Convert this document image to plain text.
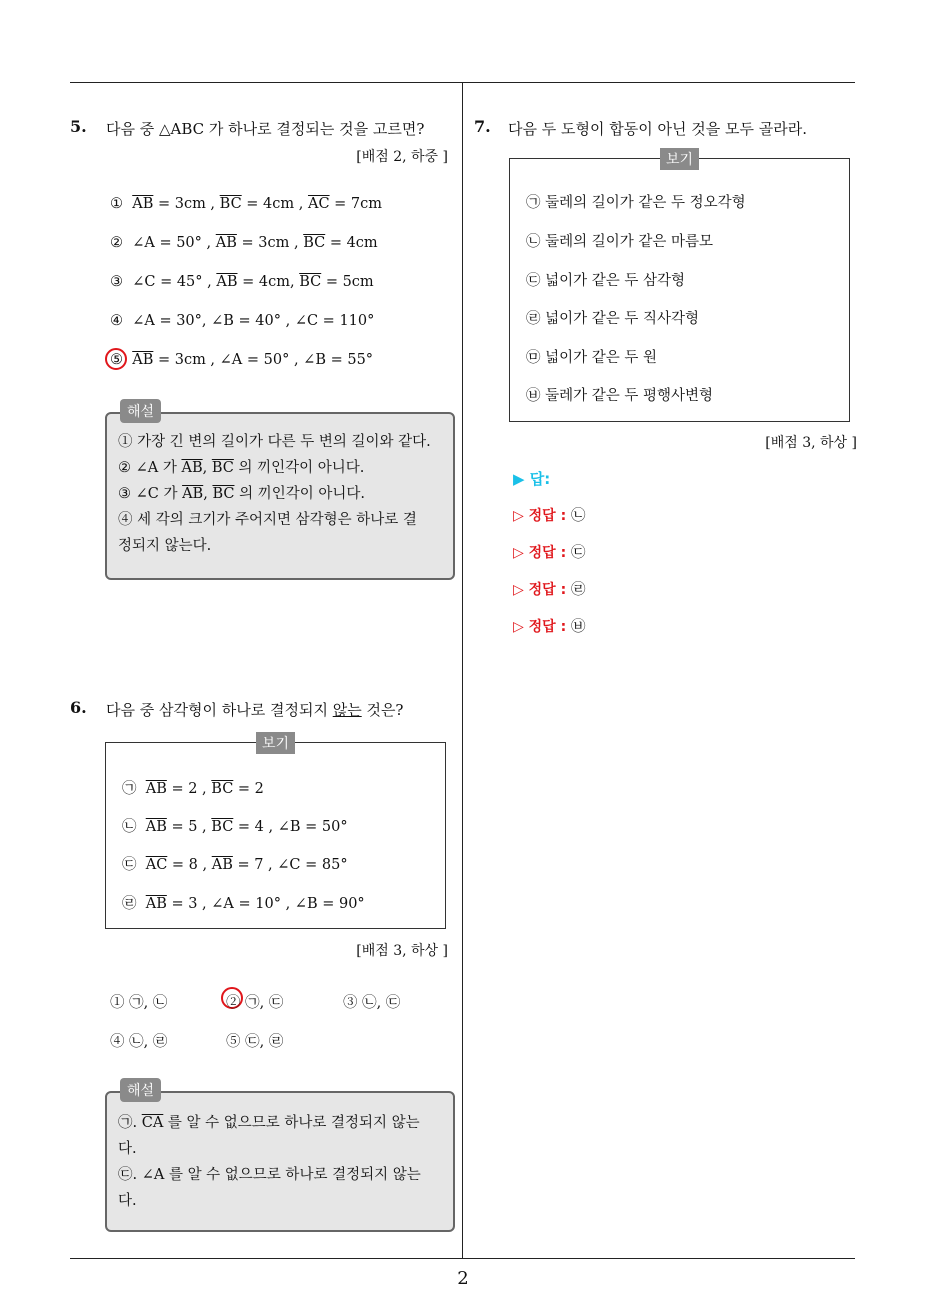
2
5. 다음 중 △ABC 가 하나로 결정되는 것을 고르면?
[배점 2, 하중 ]
① $\overline{AB} = 3cm$ , $\overline{BC} = 4cm$ , $\overline{AC} = 7cm$
② ∠A = 50° , $\overline{AB} = 3cm$ , $\overline{BC} = 4cm$
③ ∠C = 45° , $\overline{AB} = 4cm$, $\overline{BC} = 5cm$
④ ∠A = 30°, ∠B = 40° , ∠C = 110°
⑤ $\overline{AB} = 3cm$ , ∠A = 50° , ∠B = 55°
해설
① 가장 긴 변의 길이가 다른 두 변의 길이와 같다.
② ∠A 가 $\overline{AB}$, $\overline{BC}$ 의 끼인각이 아니다.
③ ∠C 가 $\overline{AB}$, $\overline{BC}$ 의 끼인각이 아니다.
④ 세 각의 크기가 주어지면 삼각형은 하나로 결
정되지 않는다.
6. 다음 중 삼각형이 하나로 결정되지 않는 것은?
보기
㉠ $\overline{AB} = 2$ , $\overline{BC} = 2$
㉡ $\overline{AB} = 5$ , $\overline{BC} = 4$ , ∠B = 50°
㉢ $\overline{AC} = 8$ , $\overline{AB} = 7$ , ∠C = 85°
㉣ $\overline{AB} = 3$ , ∠A = 10° , ∠B = 90°
[배점 3, 하상 ]
① ㉠, ㉡	② ㉠, ㉢	③ ㉡, ㉢
④ ㉡, ㉣	⑤ ㉢, ㉣
해설
㉠. $\overline{CA}$ 를 알 수 없으므로 하나로 결정되지 않는
다.
㉢. ∠A 를 알 수 없으므로 하나로 결정되지 않는
다.
7. 다음 두 도형이 합동이 아닌 것을 모두 골라라.
보기
㉠ 둘레의 길이가 같은 두 정오각형
㉡ 둘레의 길이가 같은 마름모
㉢ 넓이가 같은 두 삼각형
㉣ 넓이가 같은 두 직사각형
㉤ 넓이가 같은 두 원
㉥ 둘레가 같은 두 평행사변형
[배점 3, 하상 ]
▶ 답:
▷ 정답 : ㉡
▷ 정답 : ㉢
▷ 정답 : ㉣
▷ 정답 : ㉥
